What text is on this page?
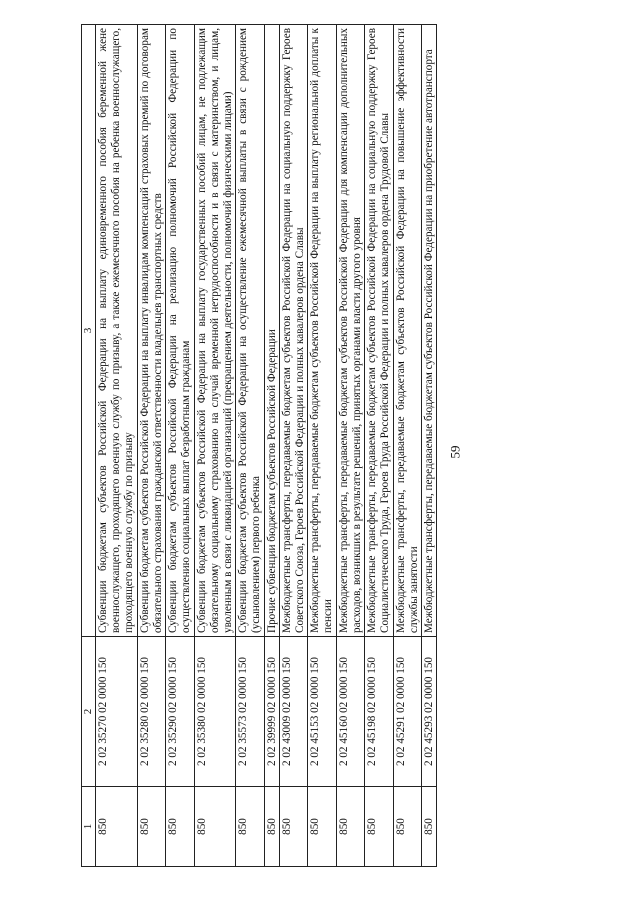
59
1	2	3
850	2 02 35270 02 0000 150	Субвенции бюджетам субъектов Российской Федерации на выплату единовременного пособия беременной жене военнослужащего, проходящего военную службу по призыву, а также ежемесячного пособия на ребенка военнослужащего, проходящего военную службу по призыву
850	2 02 35280 02 0000 150	Субвенции бюджетам субъектов Российской Федерации на выплату инвалидам компенсаций страховых премий по договорам обязательного страхования гражданской ответственности владельцев транспортных средств
850	2 02 35290 02 0000 150	Субвенции бюджетам субъектов Российской Федерации на реализацию полномочий Российской Федерации по осуществлению социальных выплат безработным гражданам
850	2 02 35380 02 0000 150	Субвенции бюджетам субъектов Российской Федерации на выплату государственных пособий лицам, не подлежащим обязательному социальному страхованию на случай временной нетрудоспособности и в связи с материнством, и лицам, уволенным в связи с ликвидацией организаций (прекращением деятельности, полномочий физическими лицами)
850	2 02 35573 02 0000 150	Субвенции бюджетам субъектов Российской Федерации на осуществление ежемесячной выплаты в связи с рождением (усыновлением) первого ребенка
850	2 02 39999 02 0000 150	Прочие субвенции бюджетам субъектов Российской Федерации
850	2 02 43009 02 0000 150	Межбюджетные трансферты, передаваемые бюджетам субъектов Российской Федерации на социальную поддержку Героев Советского Союза, Героев Российской Федерации и полных кавалеров ордена Славы
850	2 02 45153 02 0000 150	Межбюджетные трансферты, передаваемые бюджетам субъектов Российской Федерации на выплату региональной доплаты к пенсии
850	2 02 45160 02 0000 150	Межбюджетные трансферты, передаваемые бюджетам субъектов Российской Федерации для компенсации дополнительных расходов, возникших в результате решений, принятых органами власти другого уровня
850	2 02 45198 02 0000 150	Межбюджетные трансферты, передаваемые бюджетам субъектов Российской Федерации на социальную поддержку Героев Социалистического Труда, Героев Труда Российской Федерации и полных кавалеров ордена Трудовой Славы
850	2 02 45291 02 0000 150	Межбюджетные трансферты, передаваемые бюджетам субъектов Российской Федерации на повышение эффективности службы занятости
850	2 02 45293 02 0000 150	Межбюджетные трансферты, передаваемые бюджетам субъектов Российской Федерации на приобретение автотранспорта
